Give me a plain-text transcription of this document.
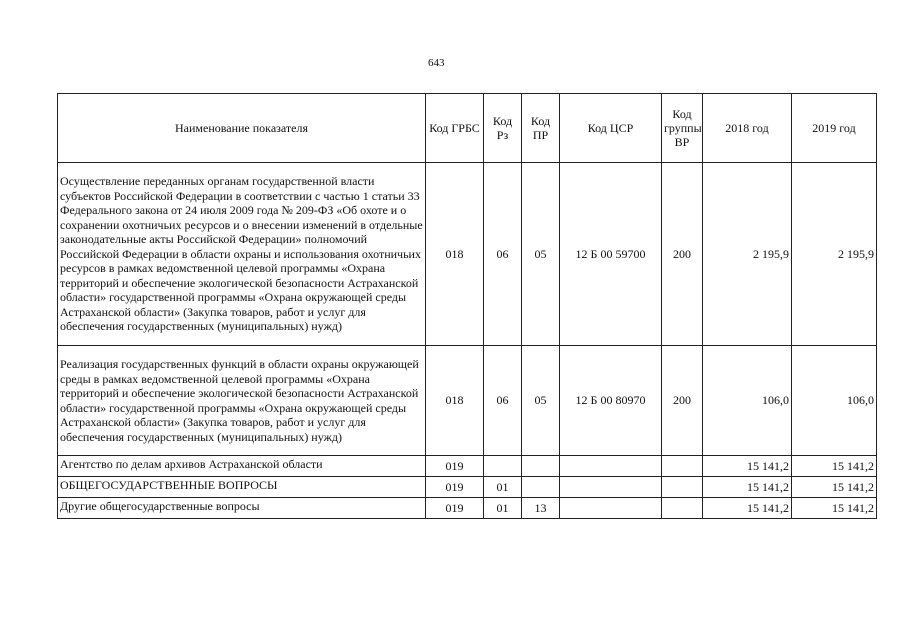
643
Наименование показателя	Код ГРБС	Код Рз	Код ПР	Код ЦСР	Код группы ВР	2018 год	2019 год
Осуществление переданных органам государственной власти субъектов Российской Федерации в соответствии с частью 1 статьи 33 Федерального закона от 24 июля 2009 года № 209-ФЗ «Об охоте и о сохранении охотничьих ресурсов и о внесении изменений в отдельные законодательные акты Российской Федерации» полномочий Российской Федерации в области охраны и использования охотничьих ресурсов в рамках ведомственной целевой программы «Охрана территорий и обеспечение экологической безопасности Астраханской области» государственной программы «Охрана окружающей среды Астраханской области» (Закупка товаров, работ и услуг для обеспечения государственных (муниципальных) нужд)	018	06	05	12 Б 00 59700	200	2 195,9	2 195,9
Реализация государственных функций в области охраны окружающей среды в рамках ведомственной целевой программы «Охрана территорий и обеспечение экологической безопасности Астраханской области» государственной программы «Охрана окружающей среды Астраханской области» (Закупка товаров, работ и услуг для обеспечения государственных (муниципальных) нужд)	018	06	05	12 Б 00 80970	200	106,0	106,0
Агентство по делам архивов Астраханской области	019					15 141,2	15 141,2
ОБЩЕГОСУДАРСТВЕННЫЕ ВОПРОСЫ	019	01				15 141,2	15 141,2
Другие общегосударственные вопросы	019	01	13			15 141,2	15 141,2
